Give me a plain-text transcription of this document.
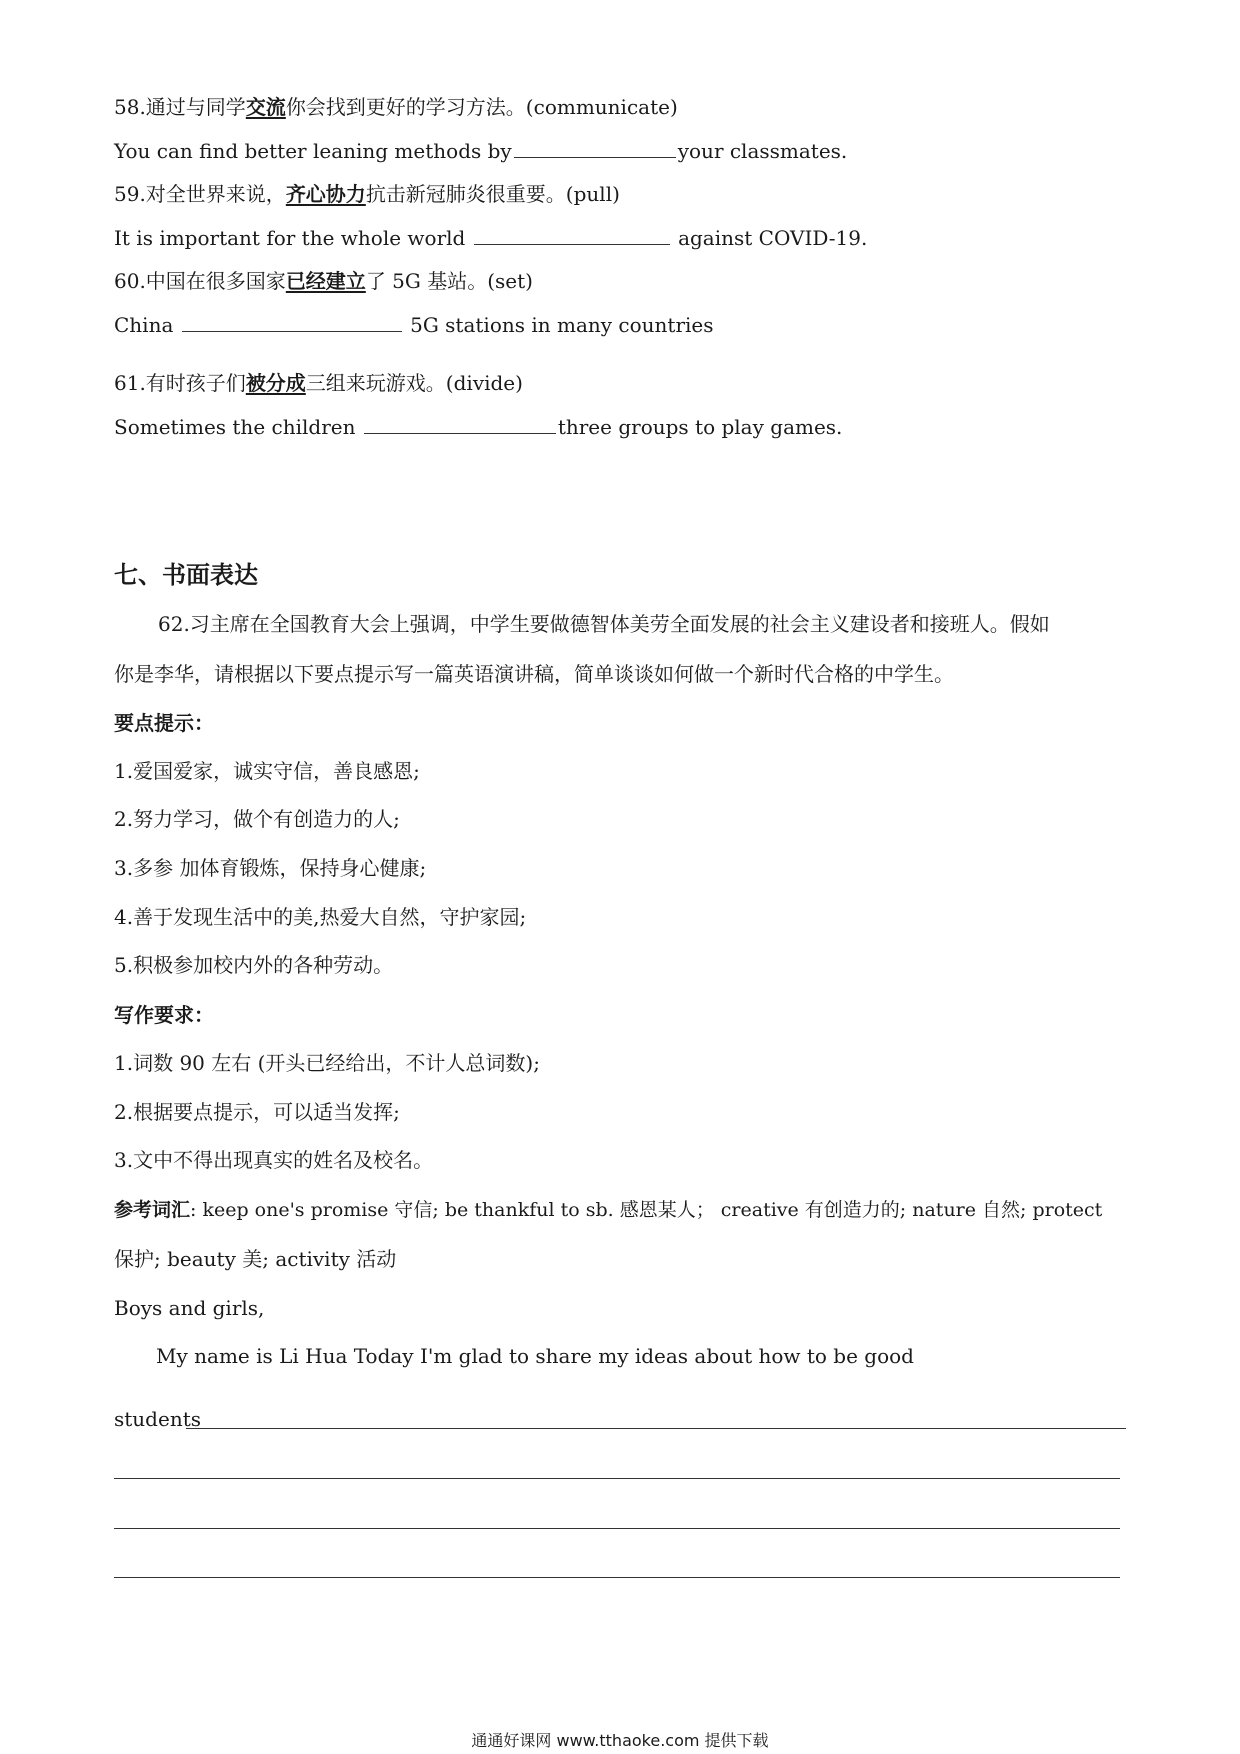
58.通过与同学交流你会找到更好的学习方法。(communicate)
You can find better leaning methods by	your classmates.
59.对全世界来说，齐心协力抗击新冠肺炎很重要。(pull)
It is important for the whole world	against COVID-19.
60.中国在很多国家已经建立了 5G 基站。(set)
China	5G stations in many countries
61.有时孩子们被分成三组来玩游戏。(divide)
Sometimes the children	three groups to play games.
七、书面表达
62.习主席在全国教育大会上强调，中学生要做德智体美劳全面发展的社会主义建设者和接班人。假如
你是李华，请根据以下要点提示写一篇英语演讲稿，简单谈谈如何做一个新时代合格的中学生。
要点提示：
1.爱国爱家，诚实守信，善良感恩;
2.努力学习，做个有创造力的人;
3.多参 加体育锻炼，保持身心健康;
4.善于发现生活中的美,热爱大自然，守护家园;
5.积极参加校内外的各种劳动。
写作要求：
1.词数 90 左右 (开头已经给出，不计人总词数);
2.根据要点提示，可以适当发挥;
3.文中不得出现真实的姓名及校名。
参考词汇: keep one's promise 守信; be thankful to sb. 感恩某人； creative 有创造力的; nature 自然; protect
保护; beauty 美; activity 活动
Boys and girls,
My name is Li Hua Today I'm glad to share my ideas about how to be good
students
通通好课网 www.tthaoke.com 提供下载
